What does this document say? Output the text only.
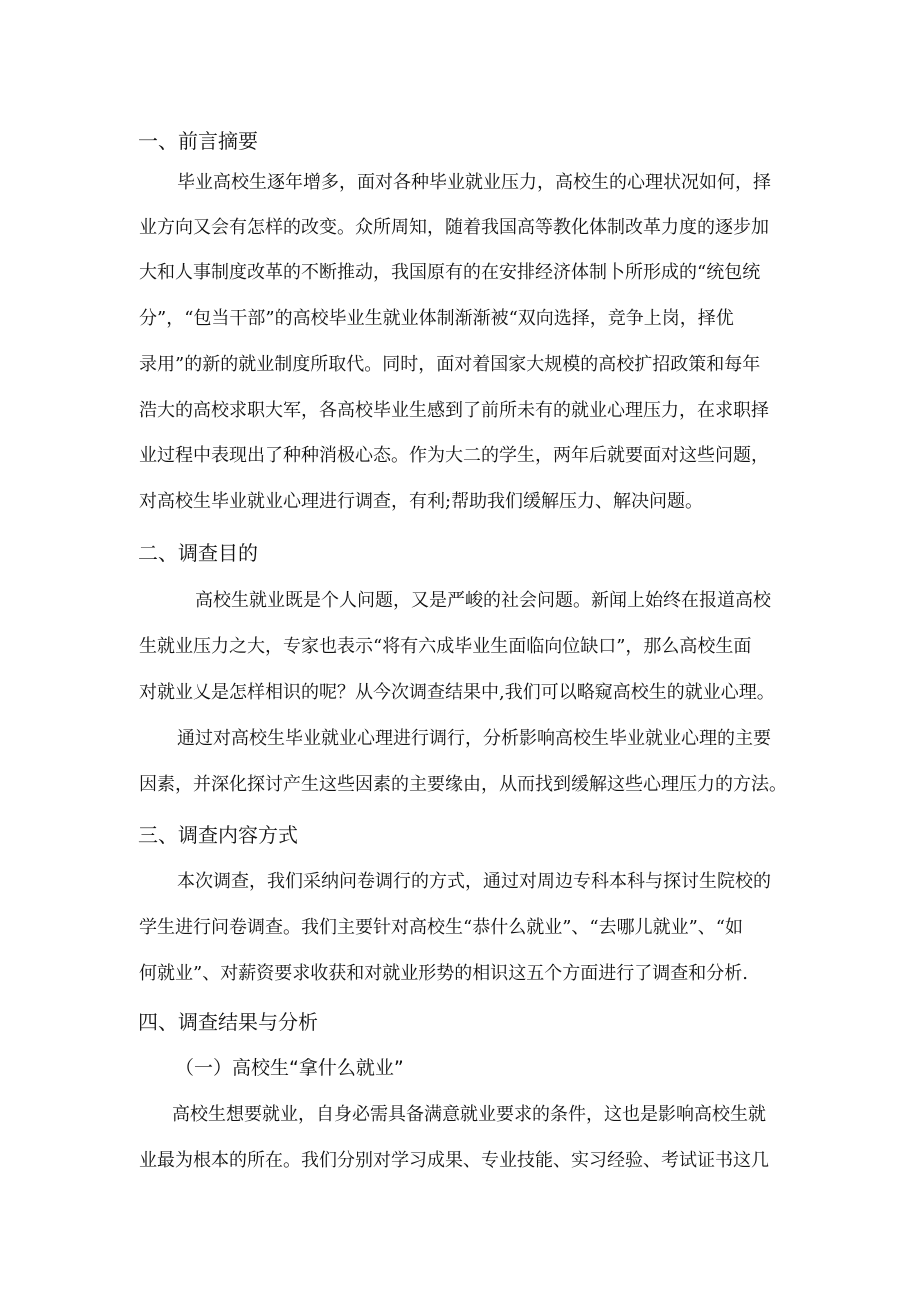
一、前言摘要
毕业高校生逐年增多，面对各种毕业就业压力，高校生的心理状况如何，择
业方向又会有怎样的改变。众所周知，随着我国高等教化体制改革力度的逐步加
大和人事制度改革的不断推动，我国原有的在安排经济体制卜所形成的“统包统
分”，“包当干部”的高校毕业生就业体制渐渐被“双向选择，竞争上岗，择优
录用”的新的就业制度所取代。同时，面对着国家大规模的高校扩招政策和每年
浩大的高校求职大军，各高校毕业生感到了前所未有的就业心理压力，在求职择
业过程中表现出了种种消极心态。作为大二的学生，两年后就要面对这些问题，
对高校生毕业就业心理进行调查，有利;帮助我们缓解压力、解决问题。
二、调查目的
高校生就业既是个人问题，又是严峻的社会问题。新闻上始终在报道高校
生就业压力之大，专家也表示“将有六成毕业生面临向位缺口”，那么高校生面
对就业乂是怎样相识的呢？从今次调查结果中,我们可以略窥高校生的就业心理。
通过对高校生毕业就业心理进行调行，分析影响高校生毕业就业心理的主要
因素，并深化探讨产生这些因素的主要缘由，从而找到缓解这些心理压力的方法。
三、调查内容方式
本次调查，我们采纳问卷调行的方式，通过对周边专科本科与探讨生院校的
学生进行问卷调查。我们主要针对高校生“恭什么就业”、“去哪儿就业”、“如
何就业”、对薪资要求收获和对就业形势的相识这五个方面进行了调查和分析.
四、调查结果与分析
（一）高校生“拿什么就业”
高校生想要就业，自身必需具备满意就业要求的条件，这也是影响高校生就
业最为根本的所在。我们分别对学习成果、专业技能、实习经验、考试证书这几
